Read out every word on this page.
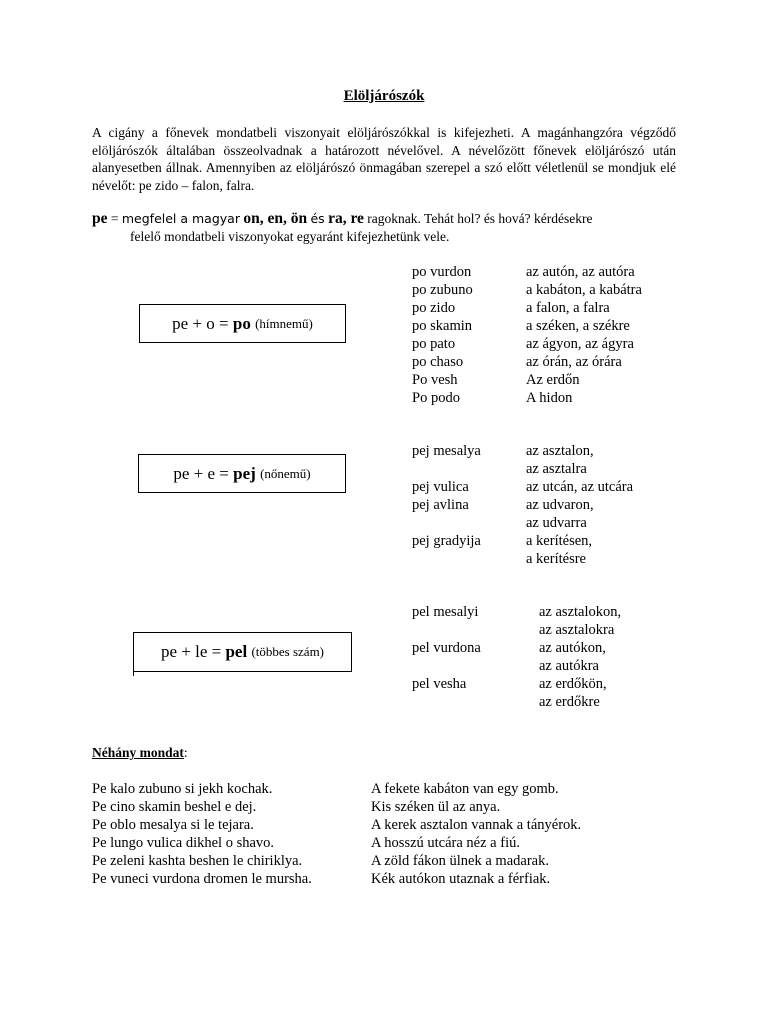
Elöljárószók
A cigány a főnevek mondatbeli viszonyait elöljárószókkal is kifejezheti. A magánhangzóra végződő elöljárószók általában összeolvadnak a határozott névelővel. A névelőzött főnevek elöljárószó után alanyesetben állnak. Amennyiben az elöljárószó önmagában szerepel a szó előtt véletlenül se mondjuk elé névelőt: pe zido – falon, falra.
pe = megfelel a magyar on, en, ön és ra, re ragoknak. Tehát hol? és hová? kérdésekre
felelő mondatbeli viszonyokat egyaránt kifejezhetünk vele.
pe + o =
po
(hímnemű)
pe + e =
pej
(nőnemű)
pe + le =
pel
(többes szám)
po vurdon	az autón, az autóra
po zubuno	a kabáton, a kabátra
po zido	a falon, a falra
po skamin	a széken, a székre
po pato	az ágyon, az ágyra
po chaso	az órán, az órára
Po vesh	Az erdőn
Po podo	A hidon
pej mesalya	az asztalon,
az asztalra
pej vulica	az utcán, az utcára
pej avlina	az udvaron,
az udvarra
pej gradyija	a kerítésen,
a kerítésre
pel mesalyi	az asztalokon,
az asztalokra
pel vurdona	az autókon,
az autókra
pel vesha	az erdőkön,
az erdőkre
Néhány mondat:
Pe kalo zubuno si jekh kochak.	A fekete kabáton van egy gomb.
Pe cino skamin beshel e dej.	Kis széken ül az anya.
Pe oblo mesalya si le tejara.	A kerek asztalon vannak a tányérok.
Pe lungo vulica dikhel o shavo.	A hosszú utcára néz a fiú.
Pe zeleni kashta beshen le chiriklya.	A zöld fákon ülnek a madarak.
Pe vuneci vurdona dromen le mursha.	Kék autókon utaznak a férfiak.
